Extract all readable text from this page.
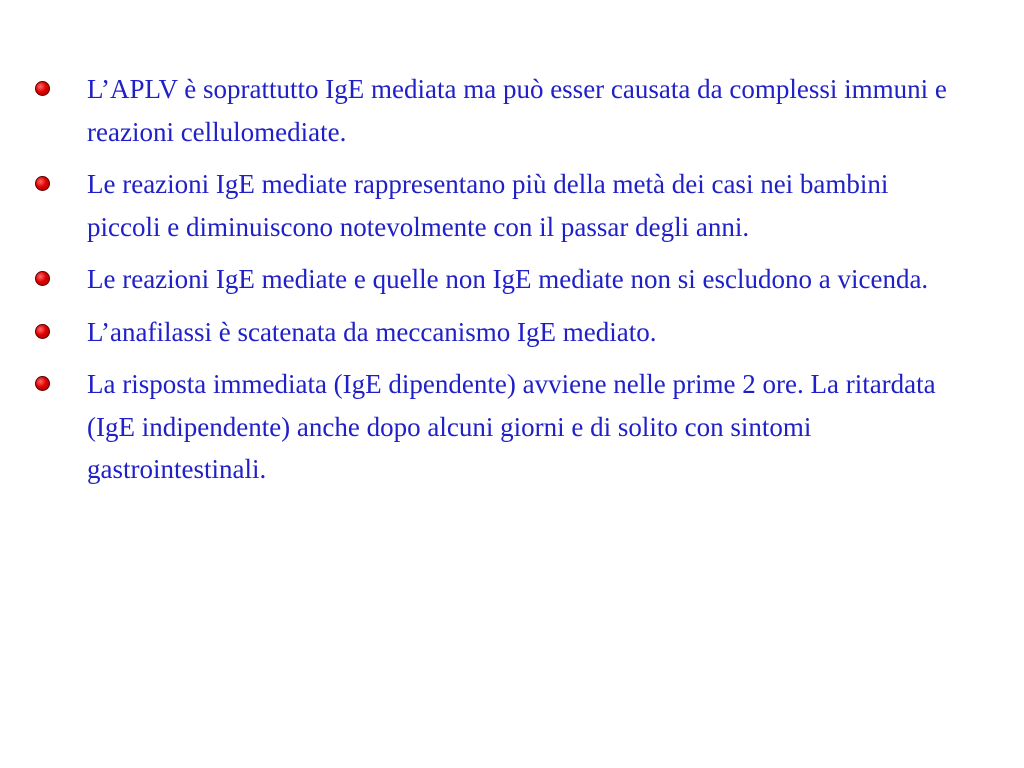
L’APLV è soprattutto IgE mediata ma può esser causata da complessi immuni e reazioni cellulomediate.
Le reazioni IgE mediate rappresentano più della metà dei casi nei bambini piccoli e diminuiscono notevolmente con il passar degli anni.
Le reazioni IgE mediate e quelle non IgE mediate non si escludono a vicenda.
L’anafilassi è scatenata da meccanismo IgE mediato.
La risposta immediata (IgE dipendente) avviene nelle prime 2 ore. La ritardata (IgE indipendente) anche dopo alcuni giorni e di solito con sintomi gastrointestinali.
